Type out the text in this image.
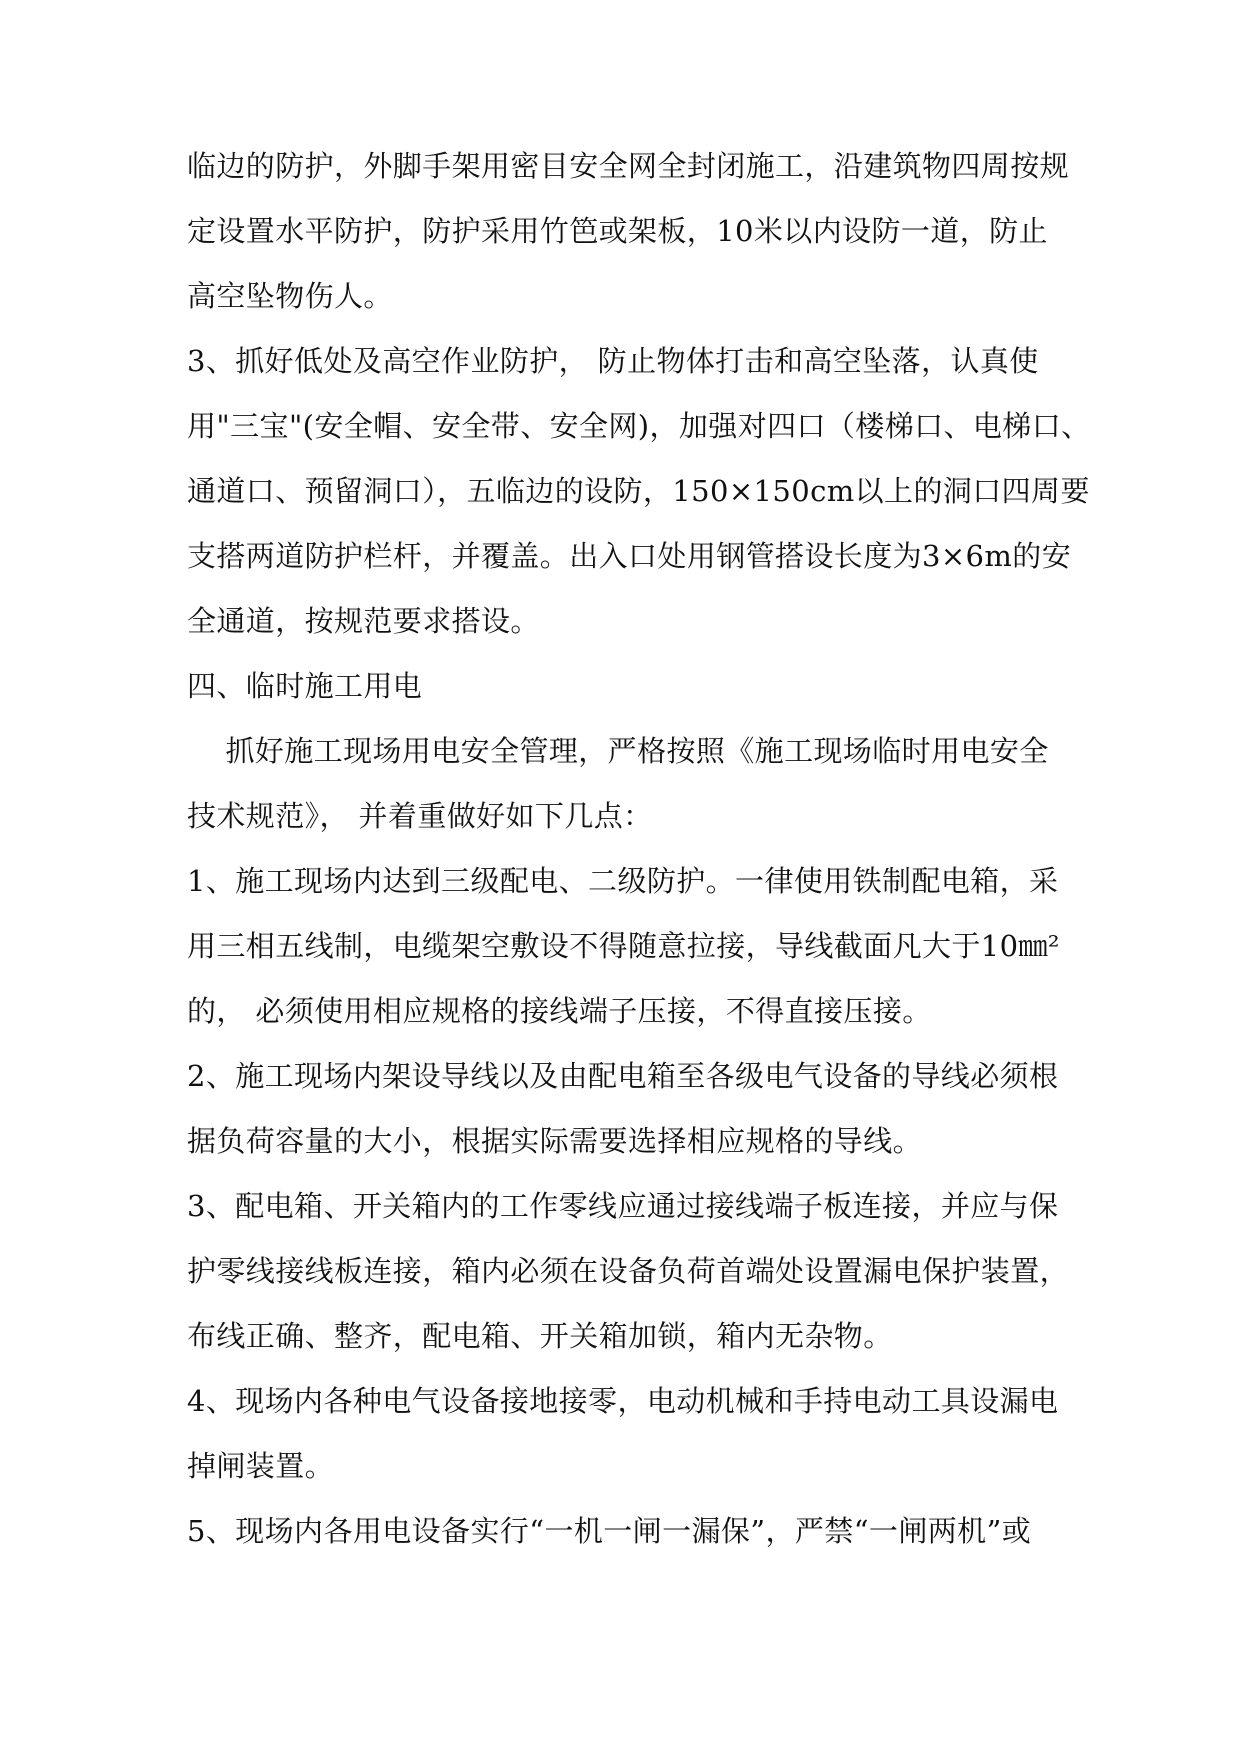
临边的防护，外脚手架用密目安全网全封闭施工，沿建筑物四周按规
定设置水平防护，防护采用竹笆或架板，10米以内设防一道，防止
高空坠物伤人。
3、抓好低处及高空作业防护， 防止物体打击和高空坠落，认真使
用"三宝"(安全帽、安全带、安全网)，加强对四口（楼梯口、电梯口、
通道口、预留洞口），五临边的设防，150×150cm以上的洞口四周要
支搭两道防护栏杆，并覆盖。出入口处用钢管搭设长度为3×6m的安
全通道，按规范要求搭设。
四、临时施工用电
抓好施工现场用电安全管理，严格按照《施工现场临时用电安全
技术规范》， 并着重做好如下几点：
1、施工现场内达到三级配电、二级防护。一律使用铁制配电箱，采
用三相五线制，电缆架空敷设不得随意拉接，导线截面凡大于10㎜²
的， 必须使用相应规格的接线端子压接，不得直接压接。
2、施工现场内架设导线以及由配电箱至各级电气设备的导线必须根
据负荷容量的大小，根据实际需要选择相应规格的导线。
3、配电箱、开关箱内的工作零线应通过接线端子板连接，并应与保
护零线接线板连接，箱内必须在设备负荷首端处设置漏电保护装置，
布线正确、整齐，配电箱、开关箱加锁，箱内无杂物。
4、现场内各种电气设备接地接零，电动机械和手持电动工具设漏电
掉闸装置。
5、现场内各用电设备实行“一机一闸一漏保”，严禁“一闸两机”或
